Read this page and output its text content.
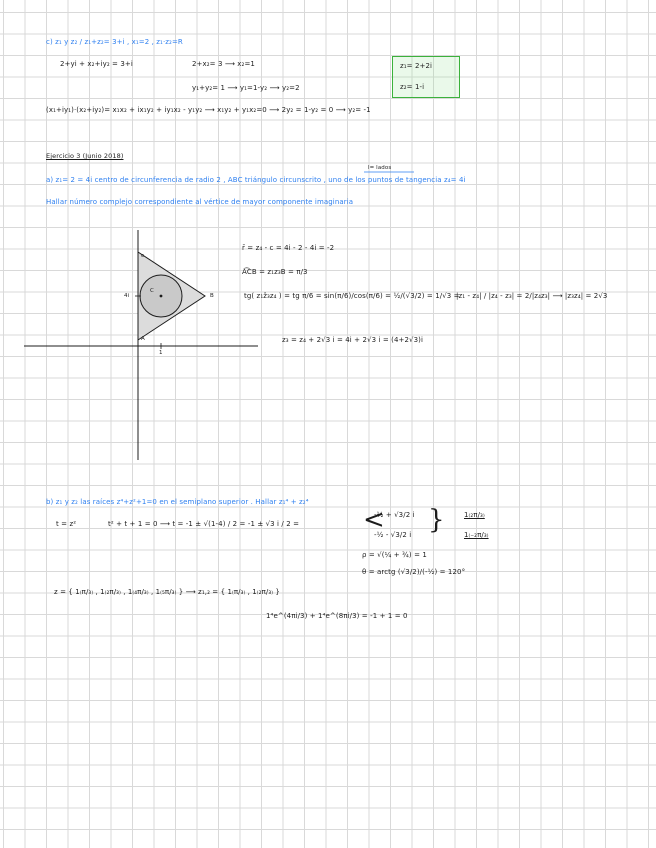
c) z₁ y z₂ / z₁+z₂= 3+i , x₁=2 , z₁·z₂=R
2+yi + x₂+iy₂ = 3+i	2+x₂= 3 ⟶ x₂=1
y₁+y₂= 1 ⟶ y₁=1-y₂ ⟶ y₂=2
z₁= 2+2i
z₂= 1-i
(x₁+iy₁)·(x₂+iy₂)= x₁x₂ + ix₁y₂ + iy₁x₂ - y₁y₂ ⟶ x₁y₂ + y₁x₂=0 ⟶ 2y₂ = 1-y₂ = 0 ⟶ y₂= -1
Ejercicio 3 (Junio 2018)
l= lados
a) z₁= 2 = 4i centro de circunferencia de radio 2 , ABC triángulo circunscrito , uno de los puntos de tangencia z₄= 4i
Hallar número complejo correspondiente al vértice de mayor componente imaginaria
c
B
A
C
4i
1
r̄ = z₄ - c = 4i - 2 - 4i = -2
A͡CB = z₁z₃B = π/3
tg( z₁ẑ₃z₄ ) = tg π/6 = sin(π/6)/cos(π/6) = ½/(√3/2) = 1/√3 =
|z₁ - z₄| / |z₄ - z₃| = 2/|z₄z₃| ⟶ |z₃z₄| = 2√3
z₃ = z₄ + 2√3 i = 4i + 2√3 i = (4+2√3)i
b) z₁ y z₂ las raíces z⁴+z²+1=0 en el semiplano superior . Hallar z₁⁴ + z₂⁴
t = z²	t² + t + 1 = 0 ⟶ t = -1 ± √(1-4) / 2 = -1 ± √3 i / 2 =
-½ + √3/2 i
-½ - √3/2 i
< }	1₍₂π/₃₎
1₍₋₂π/₃₎
ρ = √(¼ + ¾) = 1
θ = arctg (√3/2)/(-½) = 120°
z = { 1₍π/₃₎ , 1₍₂π/₃₎ , 1₍₄π/₃₎ , 1₍₅π/₃₎ } ⟶ z₁,₂ = { 1₍π/₃₎ , 1₍₂π/₃₎ }
1⁴e^(4πi/3) + 1⁴e^(8πi/3) = -1 + 1 = 0
